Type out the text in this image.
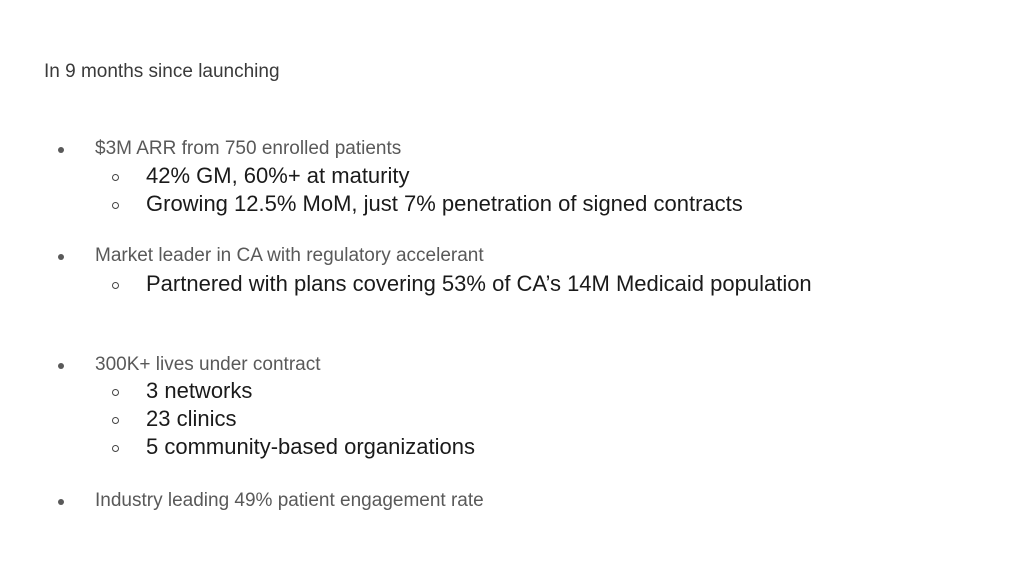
In 9 months since launching
$3M ARR from 750 enrolled patients
42% GM, 60%+ at maturity
Growing 12.5% MoM, just 7% penetration of signed contracts
Market leader in CA with regulatory accelerant
Partnered with plans covering 53% of CA’s 14M Medicaid population
300K+ lives under contract
3 networks
23 clinics
5 community-based organizations
Industry leading 49% patient engagement rate
